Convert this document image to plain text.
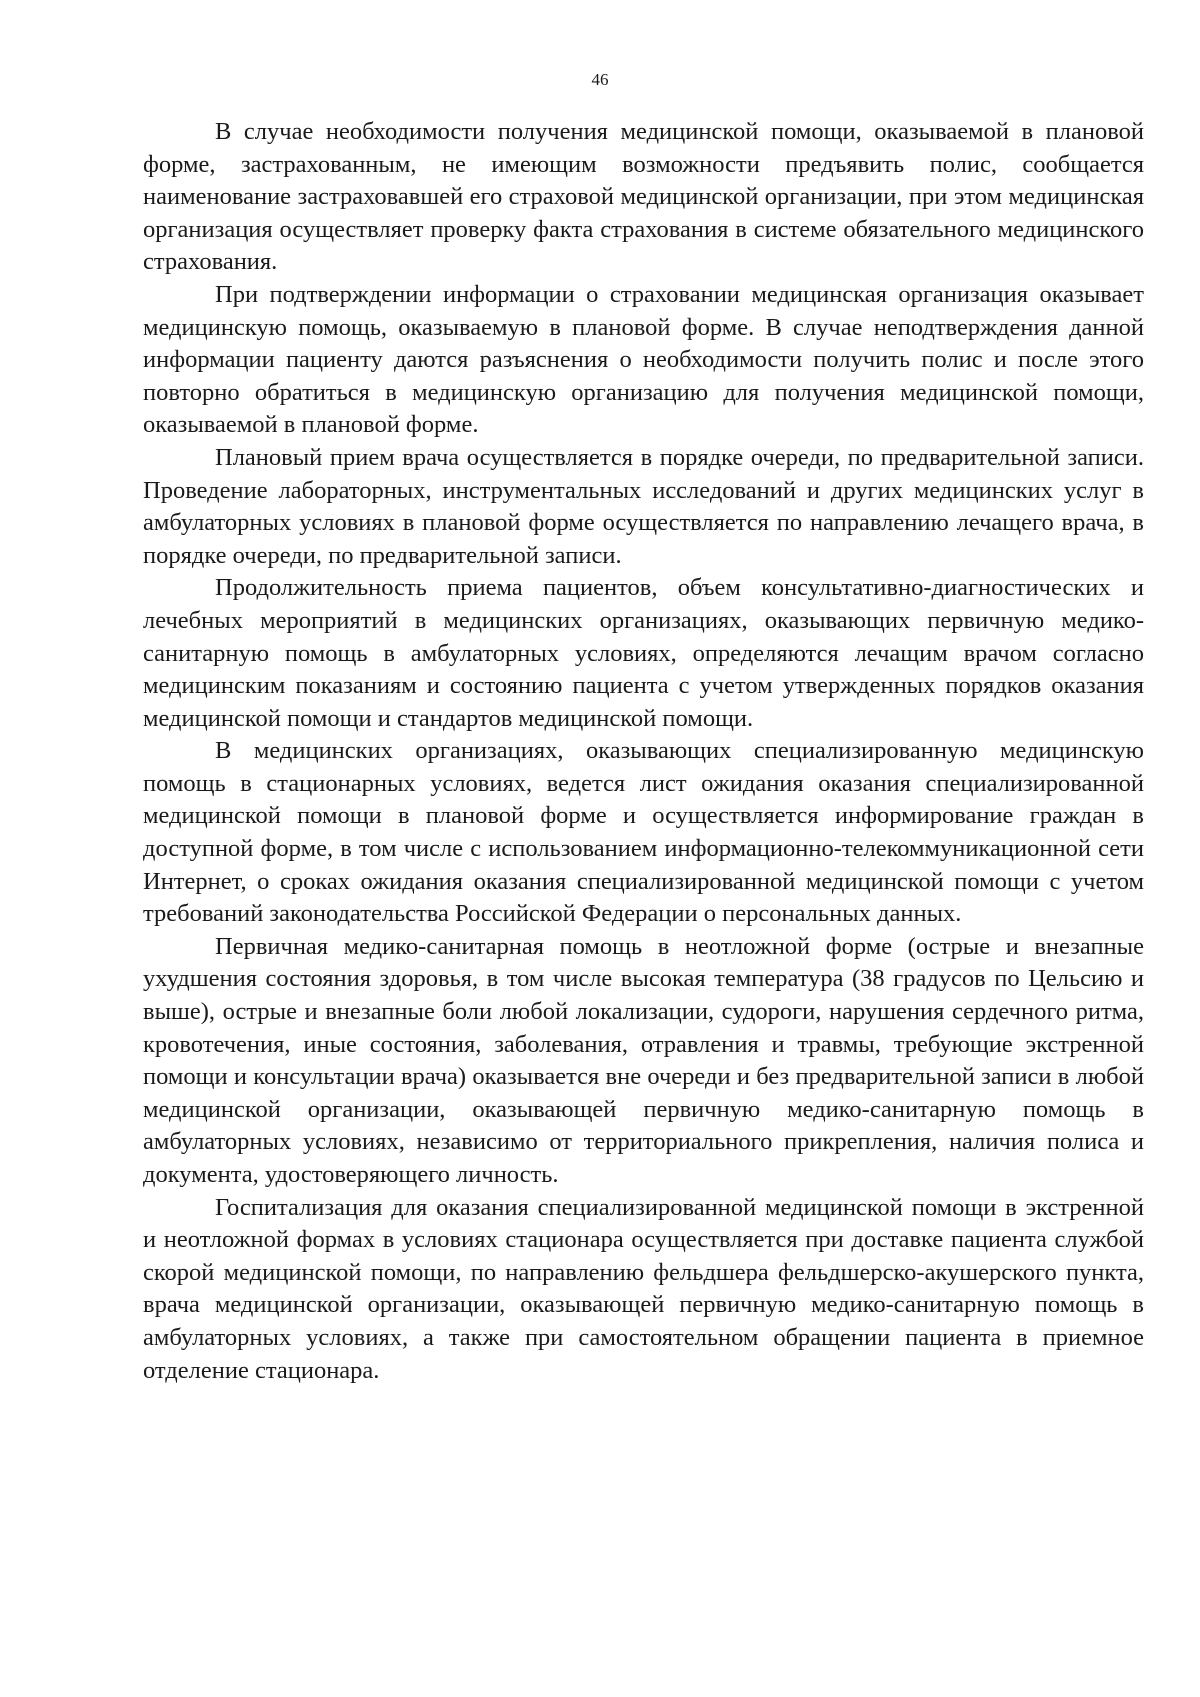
46

В случае необходимости получения медицинской помощи, оказываемой в плановой форме, застрахованным, не имеющим возможности предъявить полис, сообщается наименование застраховавшей его страховой медицинской организации, при этом медицинская организация осуществляет проверку факта страхования в системе обязательного медицинского страхования.

При подтверждении информации о страховании медицинская организация оказывает медицинскую помощь, оказываемую в плановой форме. В случае неподтверждения данной информации пациенту даются разъяснения о необходимости получить полис и после этого повторно обратиться в медицинскую организацию для получения медицинской помощи, оказываемой в плановой форме.

Плановый прием врача осуществляется в порядке очереди, по предварительной записи. Проведение лабораторных, инструментальных исследований и других медицинских услуг в амбулаторных условиях в плановой форме осуществляется по направлению лечащего врача, в порядке очереди, по предварительной записи.

Продолжительность приема пациентов, объем консультативно-диагностических и лечебных мероприятий в медицинских организациях, оказывающих первичную медико-санитарную помощь в амбулаторных условиях, определяются лечащим врачом согласно медицинским показаниям и состоянию пациента с учетом утвержденных порядков оказания медицинской помощи и стандартов медицинской помощи.

В медицинских организациях, оказывающих специализированную медицинскую помощь в стационарных условиях, ведется лист ожидания оказания специализированной медицинской помощи в плановой форме и осуществляется информирование граждан в доступной форме, в том числе с использованием информационно-телекоммуникационной сети Интернет, о сроках ожидания оказания специализированной медицинской помощи с учетом требований законодательства Российской Федерации о персональных данных.

Первичная медико-санитарная помощь в неотложной форме (острые и внезапные ухудшения состояния здоровья, в том числе высокая температура (38 градусов по Цельсию и выше), острые и внезапные боли любой локализации, судороги, нарушения сердечного ритма, кровотечения, иные состояния, заболевания, отравления и травмы, требующие экстренной помощи и консультации врача) оказывается вне очереди и без предварительной записи в любой медицинской организации, оказывающей первичную медико-санитарную помощь в амбулаторных условиях, независимо от территориального прикрепления, наличия полиса и документа, удостоверяющего личность.

Госпитализация для оказания специализированной медицинской помощи в экстренной и неотложной формах в условиях стационара осуществляется при доставке пациента службой скорой медицинской помощи, по направлению фельдшера фельдшерско-акушерского пункта, врача медицинской организации, оказывающей первичную медико-санитарную помощь в амбулаторных условиях, а также при самостоятельном обращении пациента в приемное отделение стационара.
